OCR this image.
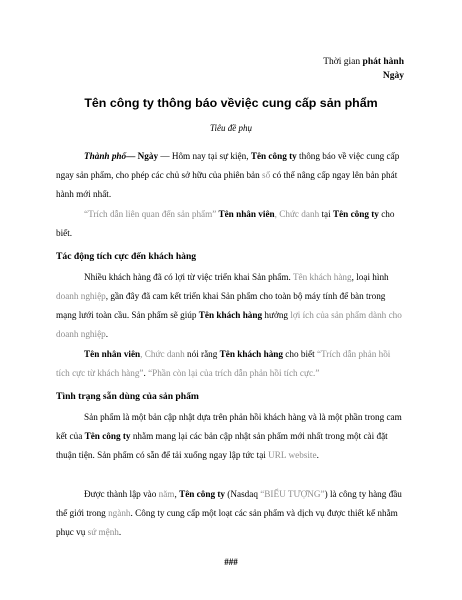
Thời gian phát hành
Ngày
Tên công ty thông báo vềviệc cung cấp sản phẩm
Tiêu đề phụ
Thành phố— Ngày — Hôm nay tại sự kiện, Tên công ty thông báo về việc cung cấp ngay sản phẩm, cho phép các chủ sở hữu của phiên bản số có thể nâng cấp ngay lên bản phát hành mới nhất.
“Trích dẫn liên quan đến sản phẩm” Tên nhân viên, Chức danh tại Tên công ty cho biết.
Tác động tích cực đến khách hàng
Nhiều khách hàng đã có lợi từ việc triển khai Sản phẩm. Tên khách hàng, loại hình doanh nghiệp, gần đây đã cam kết triển khai Sản phẩm cho toàn bộ máy tính để bàn trong mạng lưới toàn cầu. Sản phẩm sẽ giúp Tên khách hàng hưởng lợi ích của sản phẩm dành cho doanh nghiệp.
Tên nhân viên, Chức danh nói rằng Tên khách hàng cho biết “Trích dẫn phản hồi tích cực từ khách hàng”. “Phần còn lại của trích dẫn phản hồi tích cực.”
Tình trạng sẵn dùng của sản phẩm
Sản phẩm là một bản cập nhật dựa trên phản hồi khách hàng và là một phần trong cam kết của Tên công ty nhằm mang lại các bản cập nhật sản phẩm mới nhất trong một cài đặt thuận tiện. Sản phẩm có sẵn để tải xuống ngay lập tức tại URL website.
Được thành lập vào năm, Tên công ty (Nasdaq “BIỂU TƯỢNG”) là công ty hàng đầu thế giới trong ngành. Công ty cung cấp một loạt các sản phẩm và dịch vụ được thiết kế nhằm phục vụ sứ mệnh.
###
